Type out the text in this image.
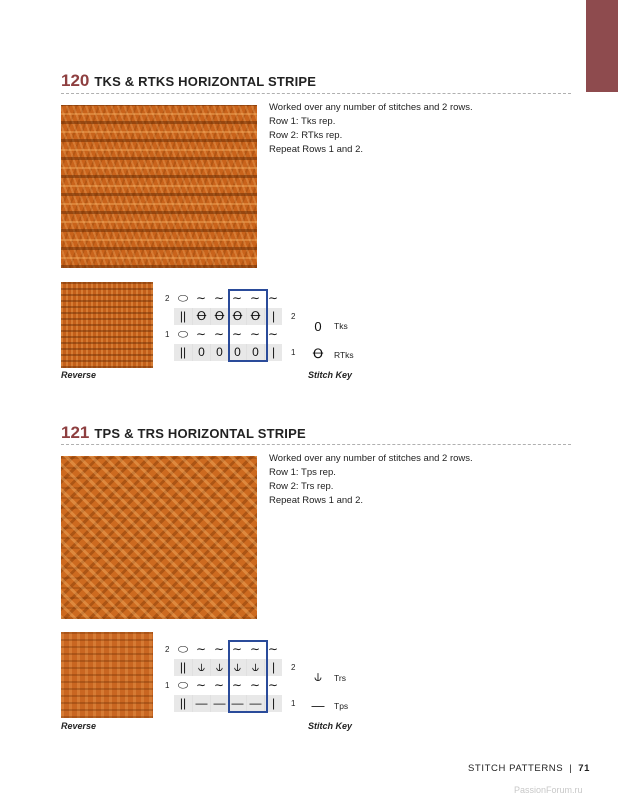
120 TKS & RTKS HORIZONTAL STRIPE
Worked over any number of stitches and 2 rows.
Row 1: Tks rep.
Row 2: RTks rep.
Repeat Rows 1 and 2.
Reverse
⬭ ∼ ∼ ∼ ∼ ∼
|| Ꝋ Ꝋ Ꝋ Ꝋ |
⬭ ∼ ∼ ∼ ∼ ∼
||	0 0 0 0	|
2
1
2
1
0	Tks
Ꝋ	RTks
Stitch Key
121 TPS & TRS HORIZONTAL STRIPE
Worked over any number of stitches and 2 rows.
Row 1: Tps rep.
Row 2: Trs rep.
Repeat Rows 1 and 2.
Reverse
⬭ ∼ ∼ ∼ ∼ ∼
|| ⫝ ⫝ ⫝ ⫝	|
⬭ ∼ ∼ ∼ ∼ ∼
|| — — — — |
2
1
2
1
⫝	Trs
— Tps
Stitch Key
STITCH PATTERNS | 71
PassionForum.ru
